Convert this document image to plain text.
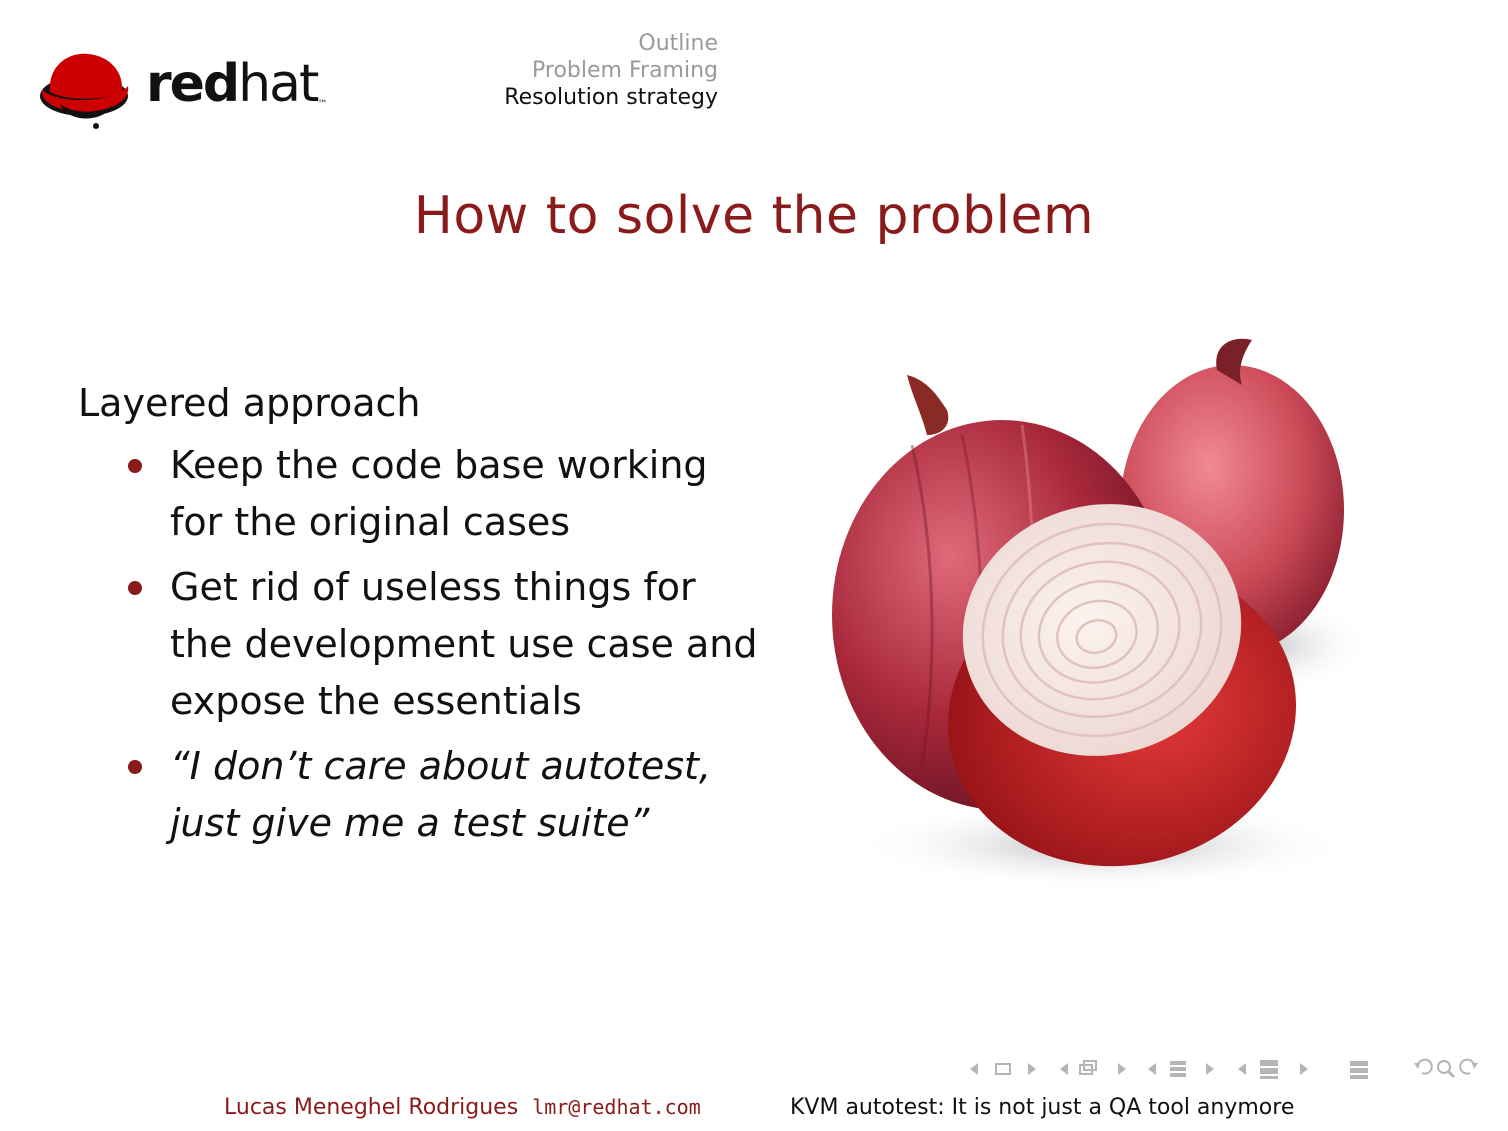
redhat™
Outline
Problem Framing
Resolution strategy
How to solve the problem
Layered approach
Keep the code base working for the original cases
Get rid of useless things for the development use case and expose the essentials
“I don’t care about autotest, just give me a test suite”
Lucas Meneghel Rodrigues lmr@redhat.com	KVM autotest: It is not just a QA tool anymore
